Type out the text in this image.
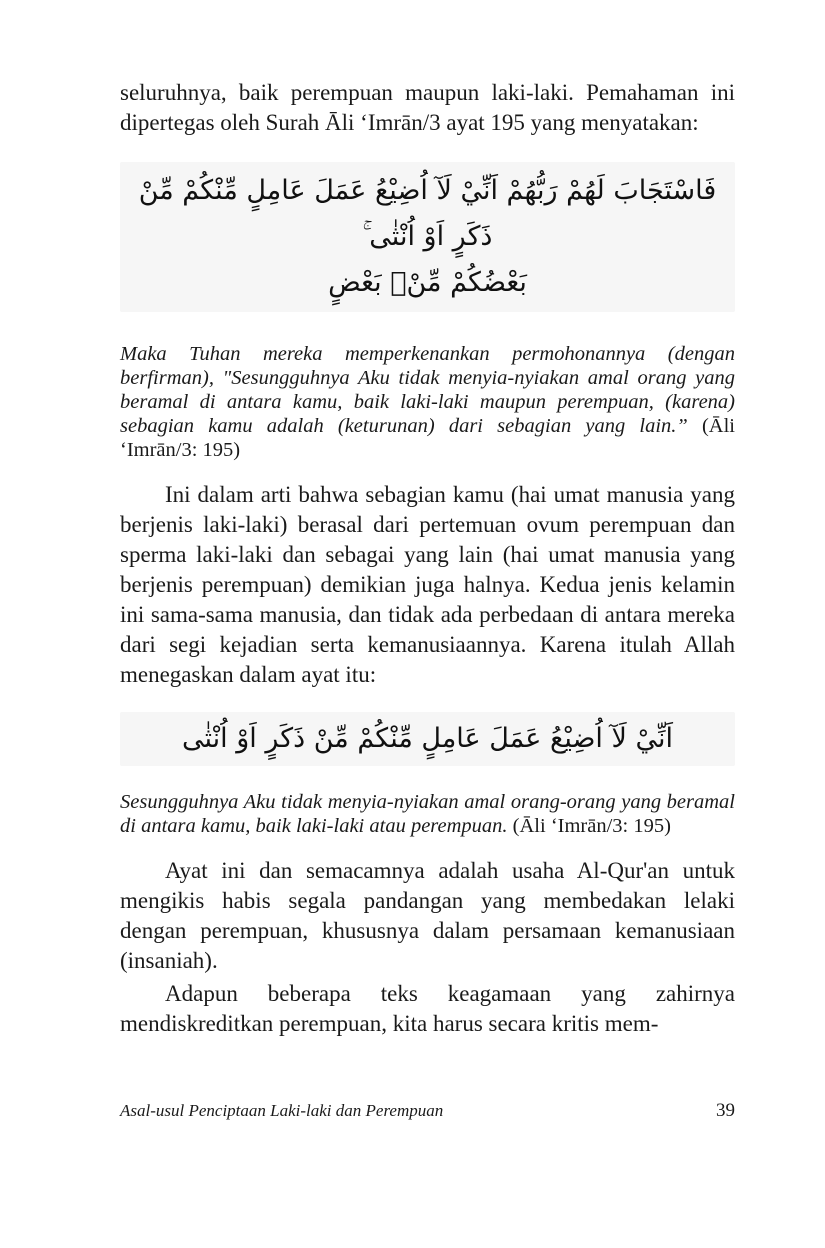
seluruhnya, baik perempuan maupun laki-laki. Pemahaman ini dipertegas oleh Surah Āli ‘Imrān/3 ayat 195 yang menyatakan:

فَاسْتَجَابَ لَهُمْ رَبُّهُمْ اَنِّيْ لَآ اُضِيْعُ عَمَلَ عَامِلٍ مِّنْكُمْ مِّنْ ذَكَرٍ اَوْ اُنْثٰى ۚ
بَعْضُكُمْ مِّنْۢ بَعْضٍ

Maka Tuhan mereka memperkenankan permohonannya (dengan berfirman), "Sesungguhnya Aku tidak menyia-nyiakan amal orang yang beramal di antara kamu, baik laki-laki maupun perempuan, (karena) sebagian kamu adalah (keturunan) dari sebagian yang lain.” (Āli ‘Imrān/3: 195)

Ini dalam arti bahwa sebagian kamu (hai umat manusia yang berjenis laki-laki) berasal dari pertemuan ovum perempuan dan sperma laki-laki dan sebagai yang lain (hai umat manusia yang berjenis perempuan) demikian juga halnya. Kedua jenis kelamin ini sama-sama manusia, dan tidak ada perbedaan di antara mereka dari segi kejadian serta kemanusiaannya. Karena itulah Allah menegaskan dalam ayat itu:

اَنِّيْ لَآ اُضِيْعُ عَمَلَ عَامِلٍ مِّنْكُمْ مِّنْ ذَكَرٍ اَوْ اُنْثٰى

Sesungguhnya Aku tidak menyia-nyiakan amal orang-orang yang beramal di antara kamu, baik laki-laki atau perempuan. (Āli ‘Imrān/3: 195)

Ayat ini dan semacamnya adalah usaha Al-Qur'an untuk mengikis habis segala pandangan yang membedakan lelaki dengan perempuan, khususnya dalam persamaan kemanusiaan (insaniah).

Adapun beberapa teks keagamaan yang zahirnya mendiskreditkan perempuan, kita harus secara kritis mem-

Asal-usul Penciptaan Laki-laki dan Perempuan	39
